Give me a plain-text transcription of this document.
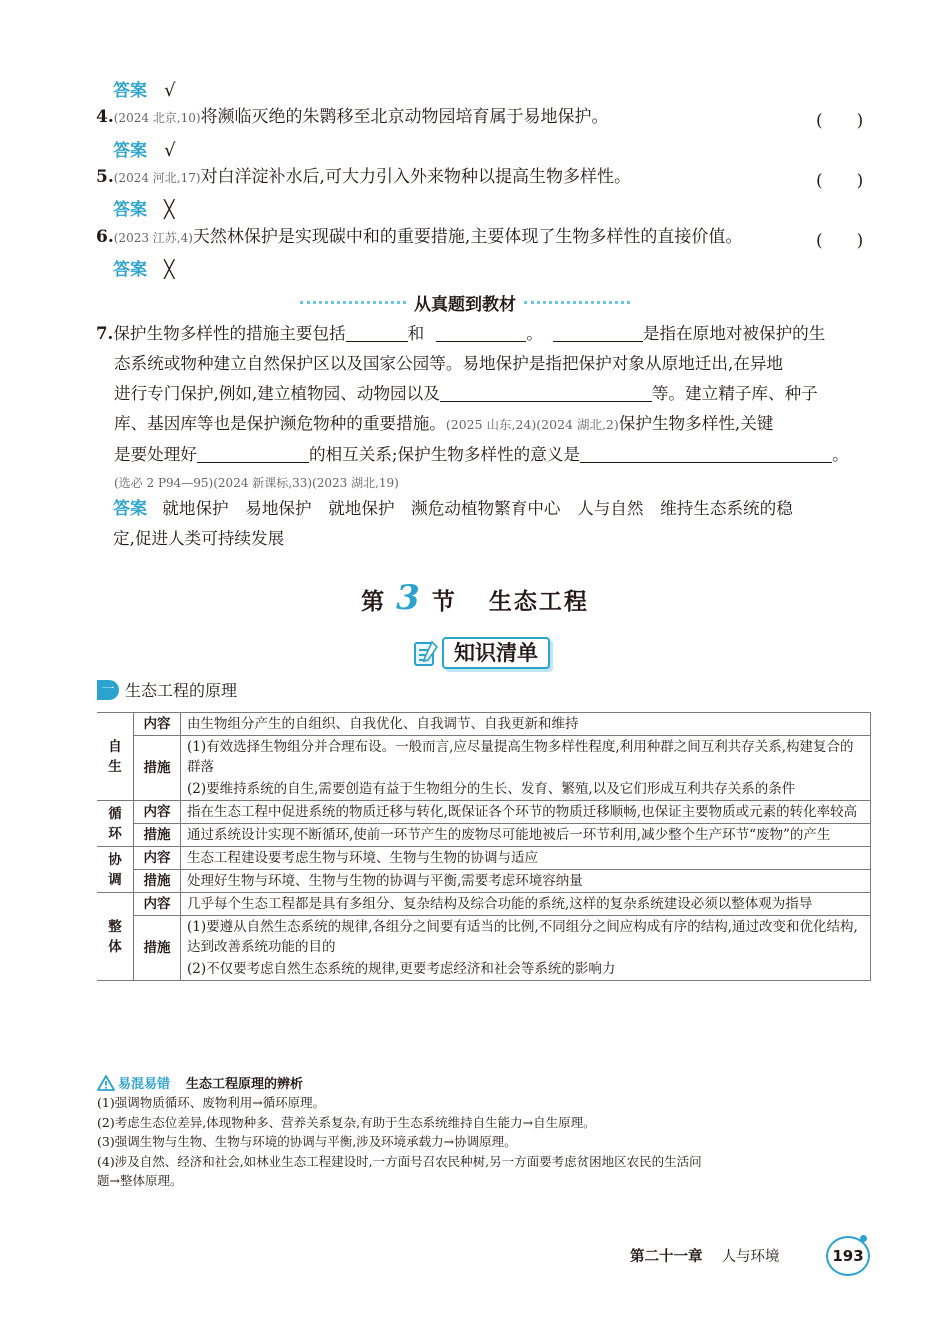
答案 √
4.(2024 北京,10)将濒临灭绝的朱鹮移至北京动物园培育属于易地保护。	(　　)
答案 √
5.(2024 河北,17)对白洋淀补水后,可大力引入外来物种以提高生物多样性。	(　　)
答案 ╳
6.(2023 江苏,4)天然林保护是实现碳中和的重要措施,主要体现了生物多样性的直接价值。	(　　)
答案 ╳
从真题到教材
7.保护生物多样性的措施主要包括	和	。	是指在原地对被保护的生
态系统或物种建立自然保护区以及国家公园等。易地保护是指把保护对象从原地迁出,在异地
进行专门保护,例如,建立植物园、动物园以及	等。建立精子库、种子
库、基因库等也是保护濒危物种的重要措施。(2025 山东,24)(2024 湖北,2)保护生物多样性,关键
是要处理好	的相互关系;保护生物多样性的意义是	。
(选必 2 P94—95)(2024 新课标,33)(2023 湖北,19)
答案 就地保护　易地保护　就地保护　濒危动植物繁育中心　人与自然　维持生态系统的稳
定,促进人类可持续发展
第 3 节 生态工程
知识清单
一 生态工程的原理
自生	内容	由生物组分产生的自组织、自我优化、自我调节、自我更新和维持
	措施	(1)有效选择生物组分并合理布设。一般而言,应尽量提高生物多样性程度,利用种群之间互利共存关系,构建复合的群落
		(2)要维持系统的自生,需要创造有益于生物组分的生长、发育、繁殖,以及它们形成互利共存关系的条件
循环	内容	指在生态工程中促进系统的物质迁移与转化,既保证各个环节的物质迁移顺畅,也保证主要物质或元素的转化率较高
	措施	通过系统设计实现不断循环,使前一环节产生的废物尽可能地被后一环节利用,减少整个生产环节“废物”的产生
协调	内容	生态工程建设要考虑生物与环境、生物与生物的协调与适应
	措施	处理好生物与环境、生物与生物的协调与平衡,需要考虑环境容纳量
整体	内容	几乎每个生态工程都是具有多组分、复杂结构及综合功能的系统,这样的复杂系统建设必须以整体观为指导
	措施	(1)要遵从自然生态系统的规律,各组分之间要有适当的比例,不同组分之间应构成有序的结构,通过改变和优化结构,达到改善系统功能的目的
		(2)不仅要考虑自然生态系统的规律,更要考虑经济和社会等系统的影响力
易混易错 生态工程原理的辨析
(1)强调物质循环、废物利用→循环原理。
(2)考虑生态位差异,体现物种多、营养关系复杂,有助于生态系统维持自生能力→自生原理。
(3)强调生物与生物、生物与环境的协调与平衡,涉及环境承载力→协调原理。
(4)涉及自然、经济和社会,如林业生态工程建设时,一方面号召农民种树,另一方面要考虑贫困地区农民的生活问
题→整体原理。
第二十一章 人与环境	193
